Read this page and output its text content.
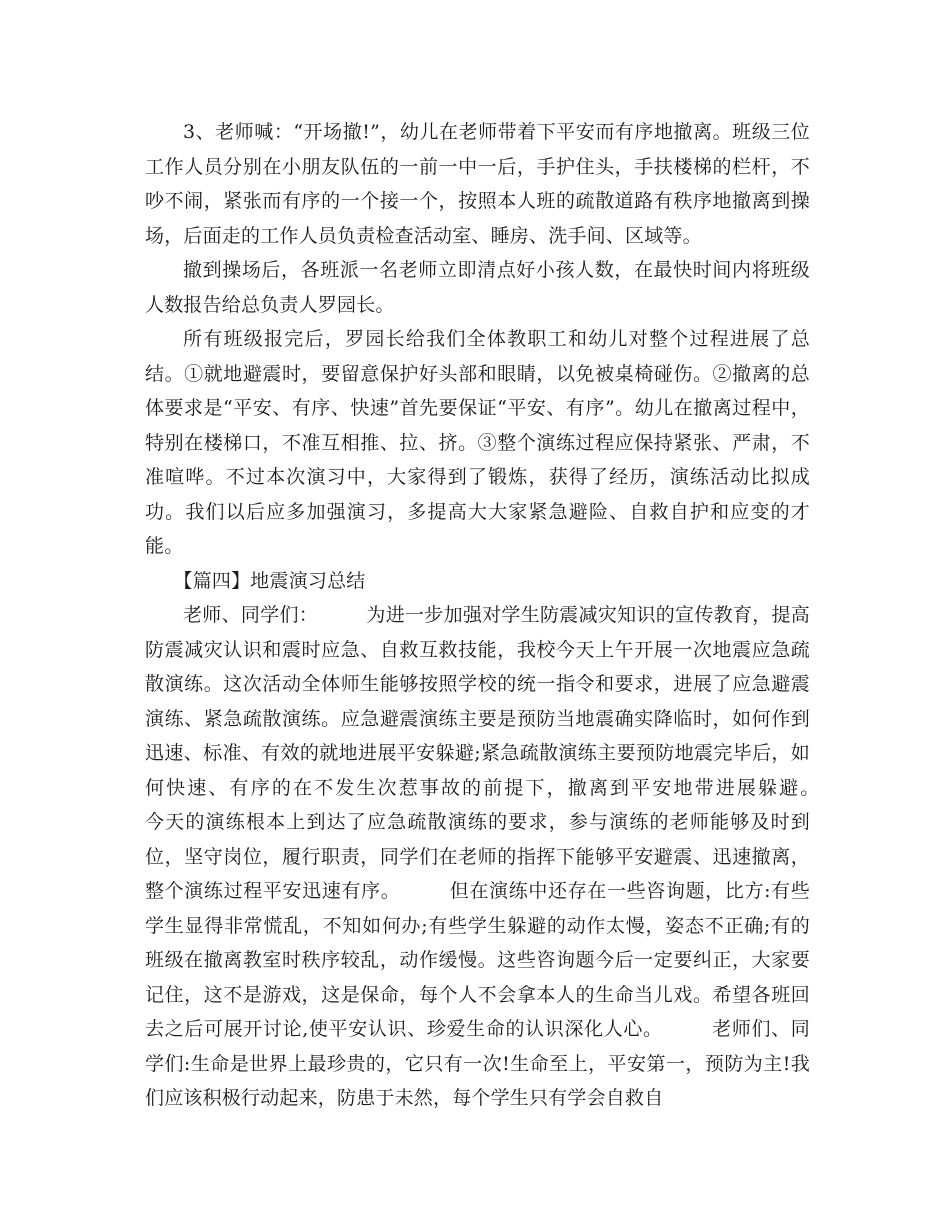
3、老师喊：“开场撤!”，幼儿在老师带着下平安而有序地撤离。班级三位工作人员分别在小朋友队伍的一前一中一后，手护住头，手扶楼梯的栏杆，不吵不闹，紧张而有序的一个接一个，按照本人班的疏散道路有秩序地撤离到操场，后面走的工作人员负责检查活动室、睡房、洗手间、区域等。

撤到操场后，各班派一名老师立即清点好小孩人数，在最快时间内将班级人数报告给总负责人罗园长。

所有班级报完后，罗园长给我们全体教职工和幼儿对整个过程进展了总结。①就地避震时，要留意保护好头部和眼睛，以免被桌椅碰伤。②撤离的总体要求是“平安、有序、快速”首先要保证“平安、有序”。幼儿在撤离过程中，特别在楼梯口，不准互相推、拉、挤。③整个演练过程应保持紧张、严肃，不准喧哗。不过本次演习中，大家得到了锻炼，获得了经历，演练活动比拟成功。我们以后应多加强演习，多提高大大家紧急避险、自救自护和应变的才能。

【篇四】地震演习总结

老师、同学们：　　　为进一步加强对学生防震减灾知识的宣传教育，提高防震减灾认识和震时应急、自救互救技能，我校今天上午开展一次地震应急疏散演练。这次活动全体师生能够按照学校的统一指令和要求，进展了应急避震演练、紧急疏散演练。应急避震演练主要是预防当地震确实降临时，如何作到迅速、标准、有效的就地进展平安躲避;紧急疏散演练主要预防地震完毕后，如何快速、有序的在不发生次惹事故的前提下，撤离到平安地带进展躲避。　　　今天的演练根本上到达了应急疏散演练的要求，参与演练的老师能够及时到位，坚守岗位，履行职责，同学们在老师的指挥下能够平安避震、迅速撤离，整个演练过程平安迅速有序。　　　但在演练中还存在一些咨询题，比方:有些学生显得非常慌乱，不知如何办;有些学生躲避的动作太慢，姿态不正确;有的班级在撤离教室时秩序较乱，动作缓慢。这些咨询题今后一定要纠正，大家要记住，这不是游戏，这是保命，每个人不会拿本人的生命当儿戏。希望各班回去之后可展开讨论,使平安认识、珍爱生命的认识深化人心。　　　老师们、同学们:生命是世界上最珍贵的，它只有一次!生命至上，平安第一，预防为主!我们应该积极行动起来，防患于未然，每个学生只有学会自救自
